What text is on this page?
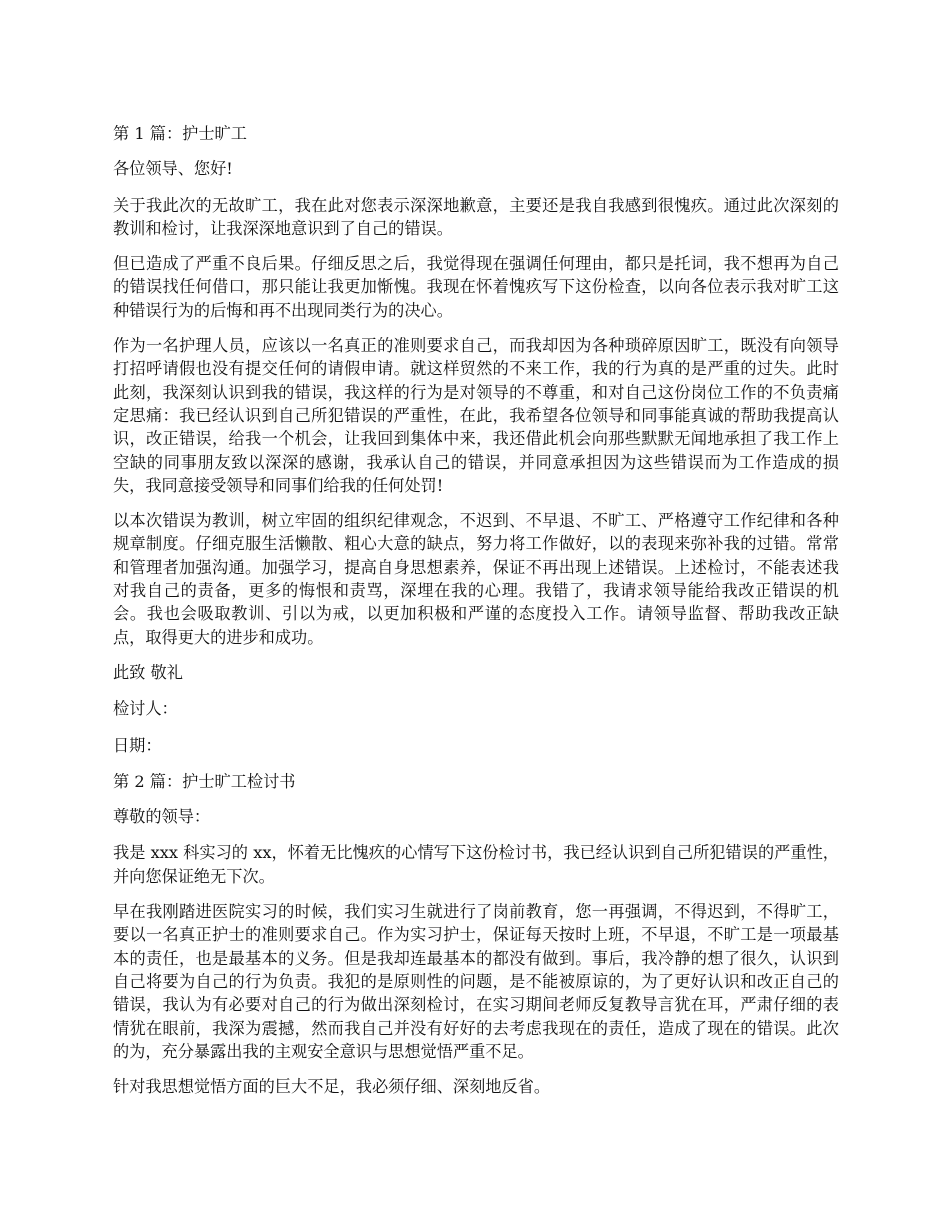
第 1 篇：护士旷工

各位领导、您好!

关于我此次的无故旷工，我在此对您表示深深地歉意，主要还是我自我感到很愧疚。通过此次深刻的教训和检讨，让我深深地意识到了自己的错误。

但已造成了严重不良后果。仔细反思之后，我觉得现在强调任何理由，都只是托词，我不想再为自己的错误找任何借口，那只能让我更加惭愧。我现在怀着愧疚写下这份检查，以向各位表示我对旷工这种错误行为的后悔和再不出现同类行为的决心。

作为一名护理人员，应该以一名真正的准则要求自己，而我却因为各种琐碎原因旷工，既没有向领导打招呼请假也没有提交任何的请假申请。就这样贸然的不来工作，我的行为真的是严重的过失。此时此刻，我深刻认识到我的错误，我这样的行为是对领导的不尊重，和对自己这份岗位工作的不负责痛定思痛：我已经认识到自己所犯错误的严重性，在此，我希望各位领导和同事能真诚的帮助我提高认识，改正错误，给我一个机会，让我回到集体中来，我还借此机会向那些默默无闻地承担了我工作上空缺的同事朋友致以深深的感谢，我承认自己的错误，并同意承担因为这些错误而为工作造成的损失，我同意接受领导和同事们给我的任何处罚!

以本次错误为教训，树立牢固的组织纪律观念，不迟到、不早退、不旷工、严格遵守工作纪律和各种规章制度。仔细克服生活懒散、粗心大意的缺点，努力将工作做好，以的表现来弥补我的过错。常常和管理者加强沟通。加强学习，提高自身思想素养，保证不再出现上述错误。上述检讨，不能表述我对我自己的责备，更多的悔恨和责骂，深埋在我的心理。我错了，我请求领导能给我改正错误的机会。我也会吸取教训、引以为戒，以更加积极和严谨的态度投入工作。请领导监督、帮助我改正缺点，取得更大的进步和成功。

此致 敬礼

检讨人：

日期：

第 2 篇：护士旷工检讨书

尊敬的领导：

我是 xxx 科实习的 xx，怀着无比愧疚的心情写下这份检讨书，我已经认识到自己所犯错误的严重性，并向您保证绝无下次。

早在我刚踏进医院实习的时候，我们实习生就进行了岗前教育，您一再强调，不得迟到，不得旷工，要以一名真正护士的准则要求自己。作为实习护士，保证每天按时上班，不早退，不旷工是一项最基本的责任，也是最基本的义务。但是我却连最基本的都没有做到。事后，我冷静的想了很久，认识到自己将要为自己的行为负责。我犯的是原则性的问题，是不能被原谅的，为了更好认识和改正自己的错误，我认为有必要对自己的行为做出深刻检讨，在实习期间老师反复教导言犹在耳，严肃仔细的表情犹在眼前，我深为震撼，然而我自己并没有好好的去考虑我现在的责任，造成了现在的错误。此次的为，充分暴露出我的主观安全意识与思想觉悟严重不足。

针对我思想觉悟方面的巨大不足，我必须仔细、深刻地反省。
